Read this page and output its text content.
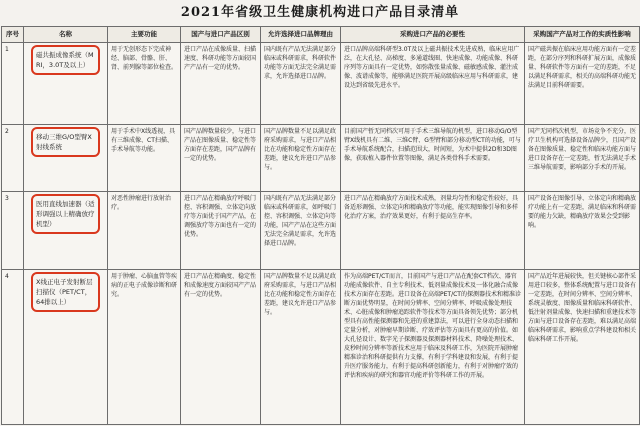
2021年省级卫生健康机构进口产品目录清单
序号	名称	主要功能	国产与进口产品区别	允许选择进口品牌理由	采购进口产品的必要性	采购国产产品对工作的实质性影响
1	磁共振成像系统（MRI，3.0T及以上）	用于无创形态下完成神经、脑部、骨骼、肝、肾、前列腺等部位检查。	进口产品在成像质量、扫描速度、科研功能等方面较国产产品有一定的优势。	国内既有产品无法满足部分临床或科研需求，科研软件功能等方面无法完全满足需求，允许选择进口品牌。	进口品牌高端科研型3.0T及以上磁共振技术先进成熟，临床应用广泛，在大孔径、高梯度、多通道线圈、快速成像、功能成像、科研序列等方面具有一定优势，如弥散张量成像、磁敏感成像、灌注成像、波谱成像等，能够满足医院开展高级临床应用与科研需求，建设达到省级先进水平。	国产磁共振在临床应用功能方面有一定差距，在部分序列和科研扩展方面，成像质量、科研软件等方面有一定的差距，不足以满足科研需求，相关的高端科研功能无法满足目前科研需要。
2	移动三维G/O型臂X射线系统	用于手术中X线透视，具有三维成像、CT扫描、手术导航等功能。	国产品牌数量较少，与进口产品在图像质量、稳定性等方面存在差距，国产品牌有一定的优势。	国产品牌数量不足以满足政府采购需求，与进口产品相比在功能和稳定性方面存在差距，建议允许进口产品参与。	目前国产暂无同档次可用于手术三维导航的机型，进口移动G/O型臂X线机具有二维、三维C臂、G型臂和部分移动型CT的功能，可与手术导航系统配合，扫描范围大，时间短，为术中提供2D和3D图像，获取植入器件位置等图像，满足各类骨科手术需要。	国产无同档次机型，市场竞争不充分，医疗卫生机构可选择设备品牌少，且国产设备在图像质量、稳定性和临床功能方面与进口设备存在一定差距，暂无法满足手术三维导航需要，影响部分手术的开展。
3	医用直线加速器（适形调强以上精确放疗机型）	对恶性肿瘤进行放射治疗。	进口产品在精确放疗呼吸门控、容积调强、立体定向放疗等方面优于国产产品，在调强放疗等方面也有一定的优势。	国内既有产品无法满足部分临床或科研需求，如呼吸门控、容积调强、立体定向等功能，国产产品在这些方面无法完全满足需求，允许选择进口品牌。	进口产品在精确放疗方面技术成熟，剂量均匀性和稳定性较好，具备适形调强、立体定向和精确放疗等功能，能实现图像引导和多样化治疗方案，治疗效果更好，有利于提高生存率。	国产设备在图像引导、立体定向和精确放疗功能上有一定差距，满足临床和科研需要的能力欠缺，精确放疗效果会受到影响。
4	X线正电子发射断层扫描仪（PET/CT，64排以上）	用于肿瘤、心脑血管等疾病的正电子成像诊断和研究。	进口产品在精确度、稳定性和成像速度方面较国产产品有一定的优势。	国产品牌数量不足以满足政府采购需求，与进口产品相比在功能和稳定性方面存在差距，建议允许进口产品参与。	作为高端PET/CT而言，目前国产与进口产品在配套CT档次、器官功能成像软件、自主专利技术、低剂量成像技术及一体化融合成像技术方面存在差距。进口设备在高端PET/CT的探测器技术和精准诊断方面优势明显，在时间分辨率、空间分辨率、呼吸成像处理技术、心脏成像和肿瘤追踪软件等技术等方面具备领先优势；部分机型具有高性能探测器和先进的重建算法，可以进行全身动态扫描和定量分析，对肿瘤早期诊断、疗效评估等方面具有更高的价值。如大孔径设计、数字光子探测器及探测器材料技术、降噪处理技术、皮秒时间分辨率等新技术应用于临床及科研工作，为医院开展肿瘤精准诊治和科研提供有力支撑，有利于学科建设和发展，有利于提升医疗服务能力，有利于提高科研创新能力，有利于对肿瘤疗效的评估和疾病的研究和器官功能评价等科研工作的开展。	国产品近年进展较快，但关键核心部件采用进口较多，整体系统配置与进口设备有一定差距，在时间分辨率、空间分辨率、系统灵敏度、图像质量和临床科研软件、低注射剂量成像、快速扫描和重建技术等方面与进口设备存在差距，难以满足高端临床科研需求，影响重点学科建设和相关临床科研工作开展。
